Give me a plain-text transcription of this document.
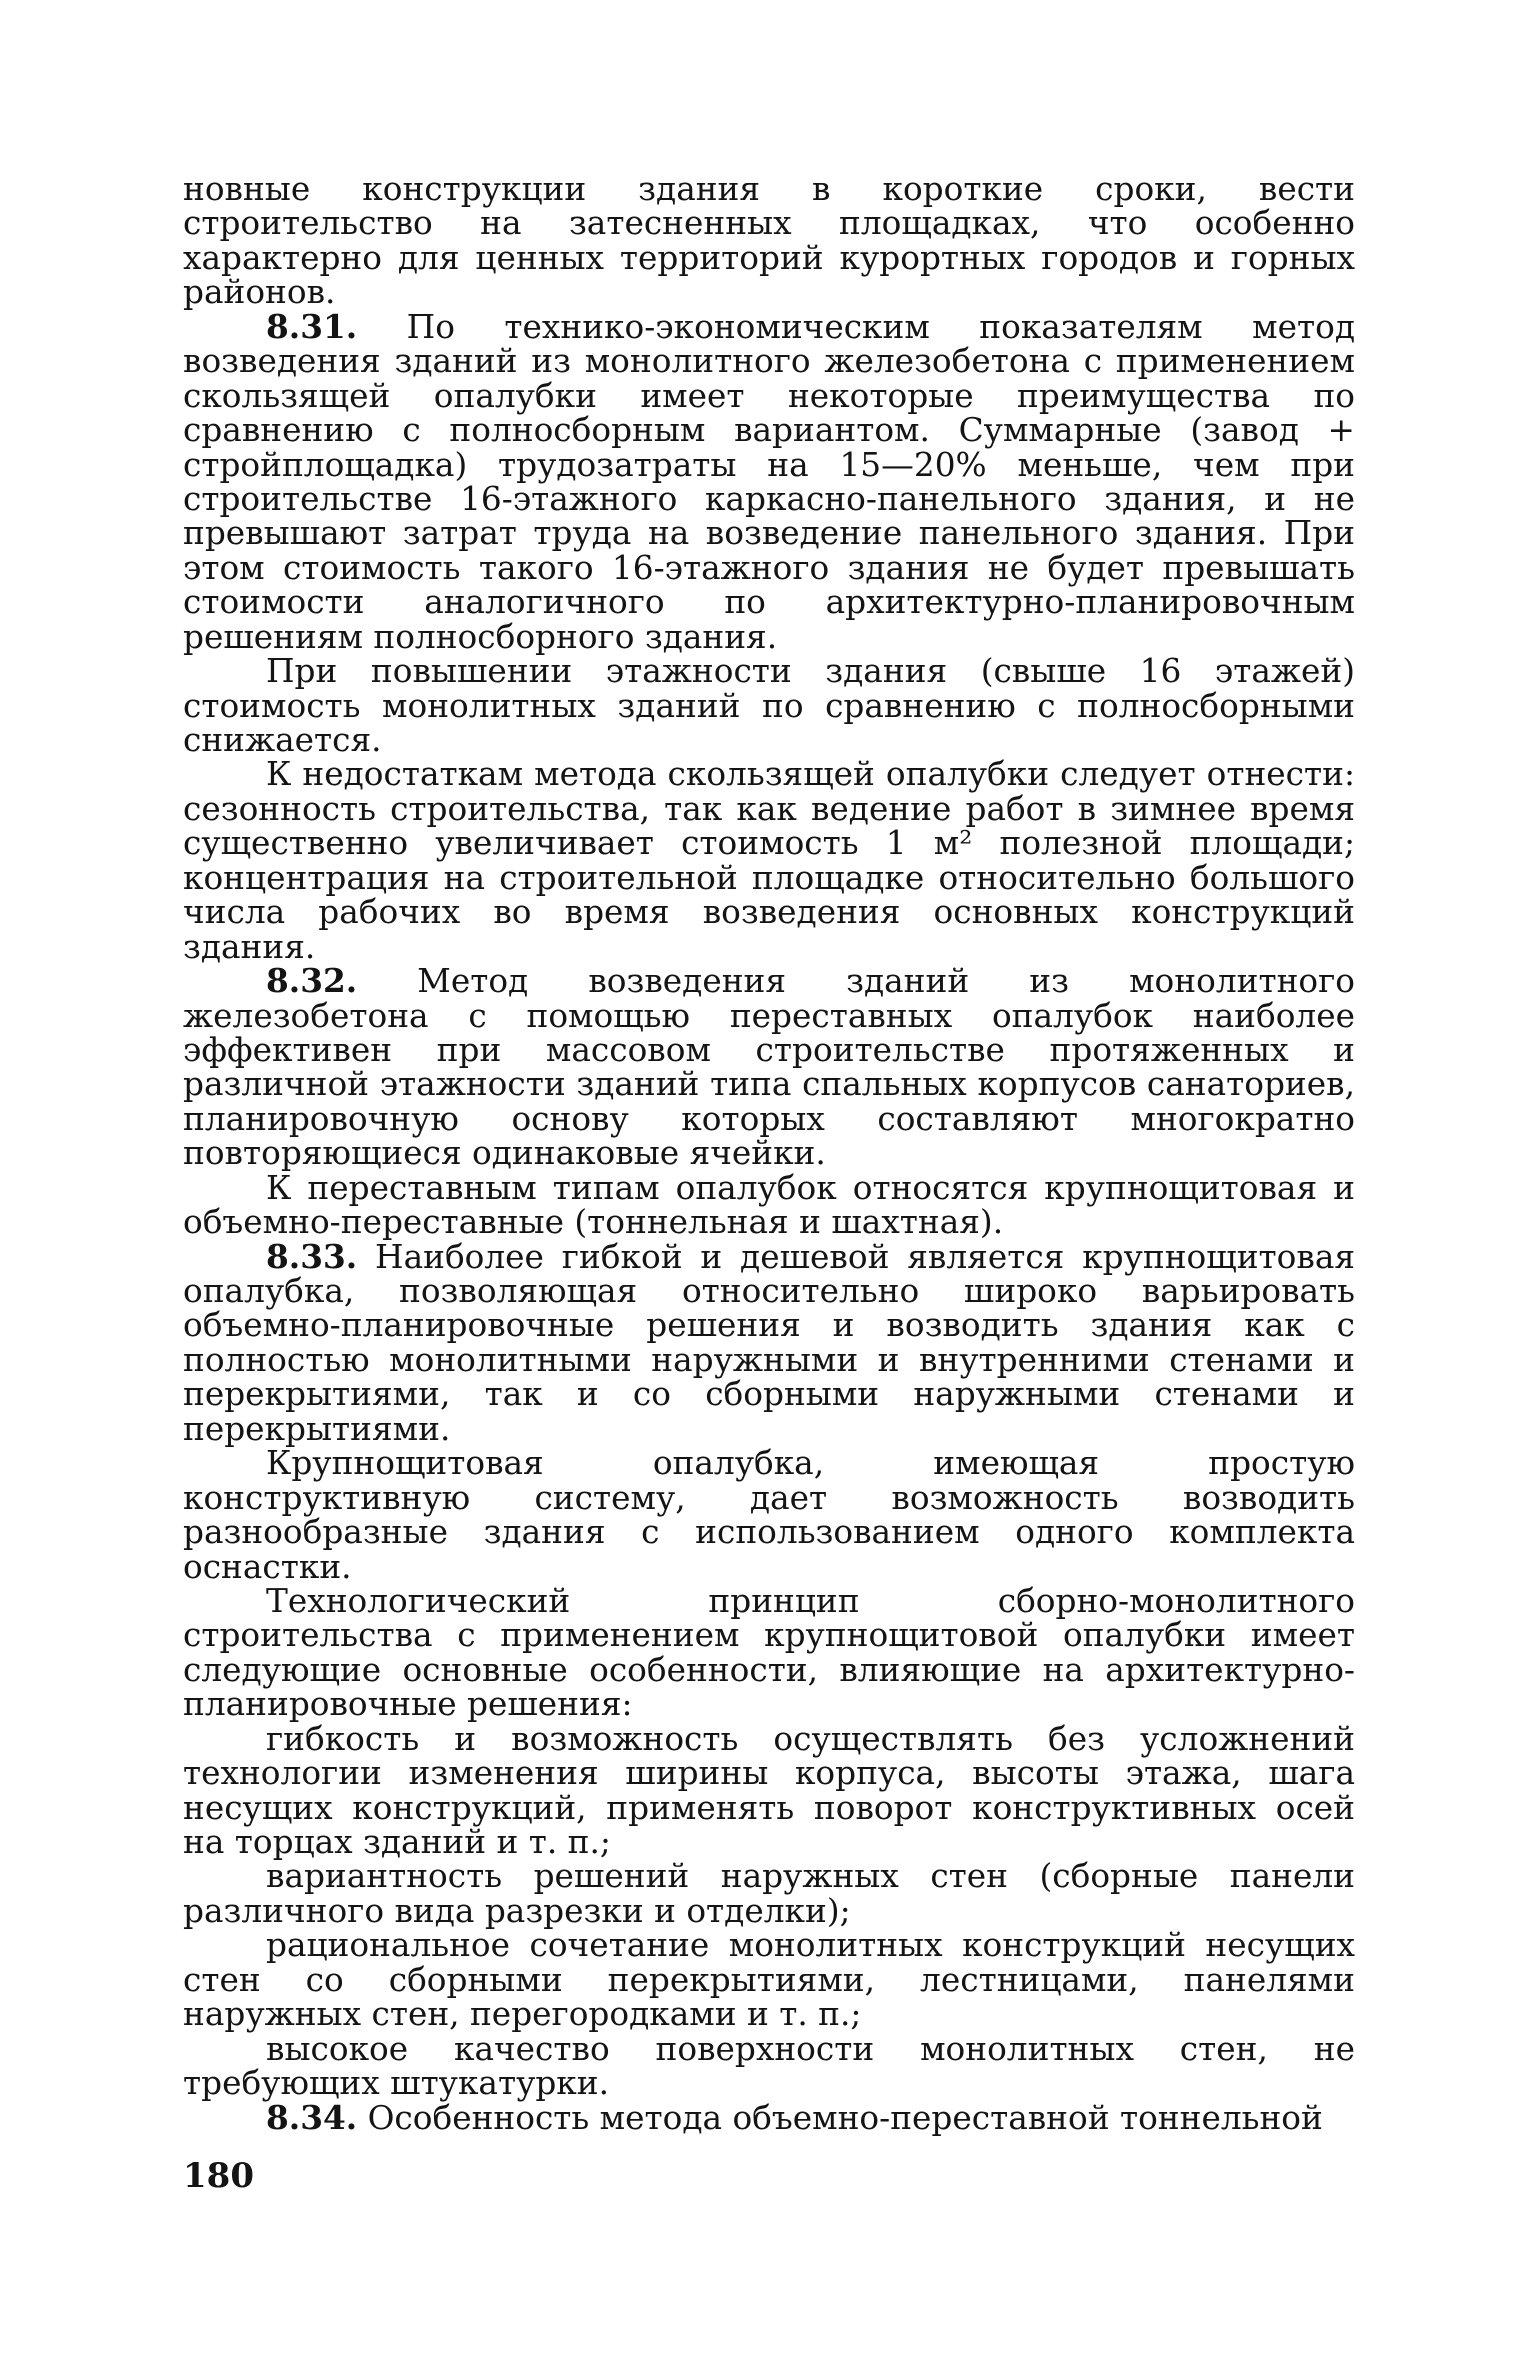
новные конструкции здания в короткие сроки, вести строительство на затесненных площадках, что особенно характерно для ценных территорий курортных городов и горных районов.

8.31. По технико-экономическим показателям метод возведения зданий из монолитного железобетона с применением скользящей опалубки имеет некоторые преимущества по сравнению с полносборным вариантом. Суммарные (завод + стройплощадка) трудозатраты на 15—20% меньше, чем при строительстве 16-этажного каркасно-панельного здания, и не превышают затрат труда на возведение панельного здания. При этом стоимость такого 16-этажного здания не будет превышать стоимости аналогичного по архитектурно-планировочным решениям полносборного здания.

При повышении этажности здания (свыше 16 этажей) стоимость монолитных зданий по сравнению с полносборными снижается.

К недостаткам метода скользящей опалубки следует отнести: сезонность строительства, так как ведение работ в зимнее время существенно увеличивает стоимость 1 м² полезной площади; концентрация на строительной площадке относительно большого числа рабочих во время возведения основных конструкций здания.

8.32. Метод возведения зданий из монолитного железобетона с помощью переставных опалубок наиболее эффективен при массовом строительстве протяженных и различной этажности зданий типа спальных корпусов санаториев, планировочную основу которых составляют многократно повторяющиеся одинаковые ячейки.

К переставным типам опалубок относятся крупнощитовая и объемно-переставные (тоннельная и шахтная).

8.33. Наиболее гибкой и дешевой является крупнощитовая опалубка, позволяющая относительно широко варьировать объемно-планировочные решения и возводить здания как с полностью монолитными наружными и внутренними стенами и перекрытиями, так и со сборными наружными стенами и перекрытиями.

Крупнощитовая опалубка, имеющая простую конструктивную систему, дает возможность возводить разнообразные здания с использованием одного комплекта оснастки.

Технологический принцип сборно-монолитного строительства с применением крупнощитовой опалубки имеет следующие основные особенности, влияющие на архитектурно-планировочные решения:

гибкость и возможность осуществлять без усложнений технологии изменения ширины корпуса, высоты этажа, шага несущих конструкций, применять поворот конструктивных осей на торцах зданий и т. п.;

вариантность решений наружных стен (сборные панели различного вида разрезки и отделки);

рациональное сочетание монолитных конструкций несущих стен со сборными перекрытиями, лестницами, панелями наружных стен, перегородками и т. п.;

высокое качество поверхности монолитных стен, не требующих штукатурки.

8.34. Особенность метода объемно-переставной тоннельной

180
